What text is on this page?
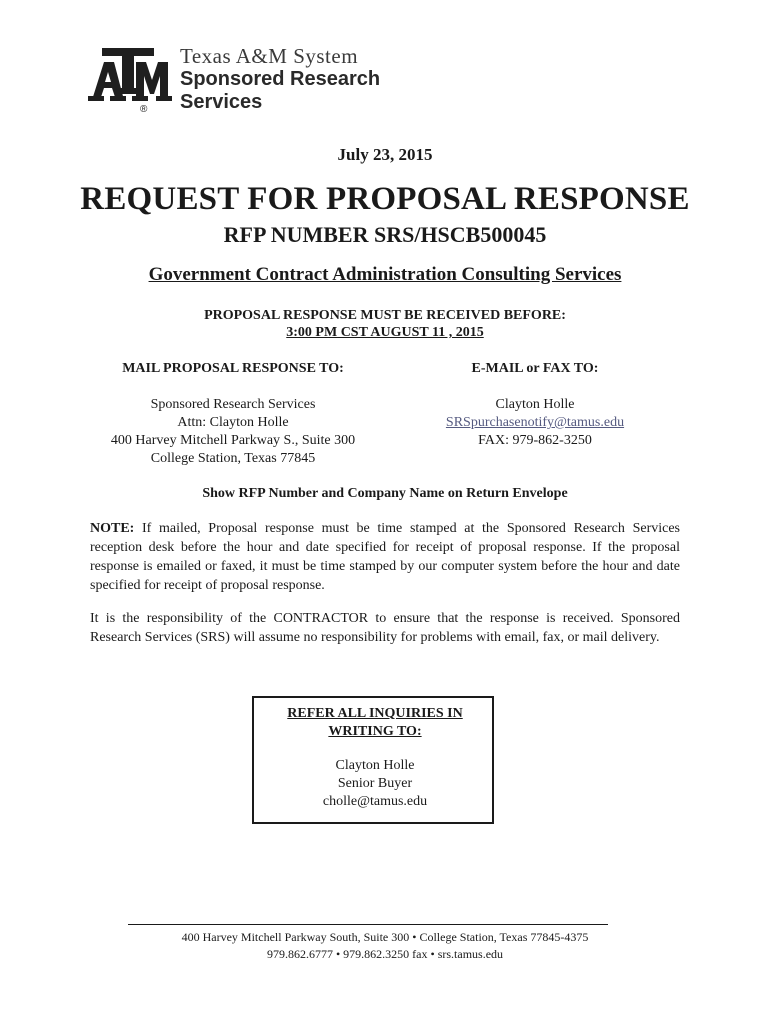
®
Texas A&M System
Sponsored Research
Services
July 23, 2015
REQUEST FOR PROPOSAL RESPONSE
RFP NUMBER SRS/HSCB500045
Government Contract Administration Consulting Services
PROPOSAL RESPONSE MUST BE RECEIVED BEFORE:
3:00 PM CST AUGUST 11 , 2015
MAIL PROPOSAL RESPONSE TO:	E-MAIL or FAX TO:
Sponsored Research Services
Attn: Clayton Holle
400 Harvey Mitchell Parkway S., Suite 300
College Station, Texas 77845
Clayton Holle
SRSpurchasenotify@tamus.edu
FAX: 979-862-3250
Show RFP Number and Company Name on Return Envelope
NOTE: If mailed, Proposal response must be time stamped at the Sponsored Research Services reception desk before the hour and date specified for receipt of proposal response. If the proposal response is emailed or faxed, it must be time stamped by our computer system before the hour and date specified for receipt of proposal response.
It is the responsibility of the CONTRACTOR to ensure that the response is received. Sponsored Research Services (SRS) will assume no responsibility for problems with email, fax, or mail delivery.
REFER ALL INQUIRIES IN
WRITING TO:
Clayton Holle
Senior Buyer
cholle@tamus.edu
400 Harvey Mitchell Parkway South, Suite 300 • College Station, Texas 77845-4375
979.862.6777 • 979.862.3250 fax • srs.tamus.edu
